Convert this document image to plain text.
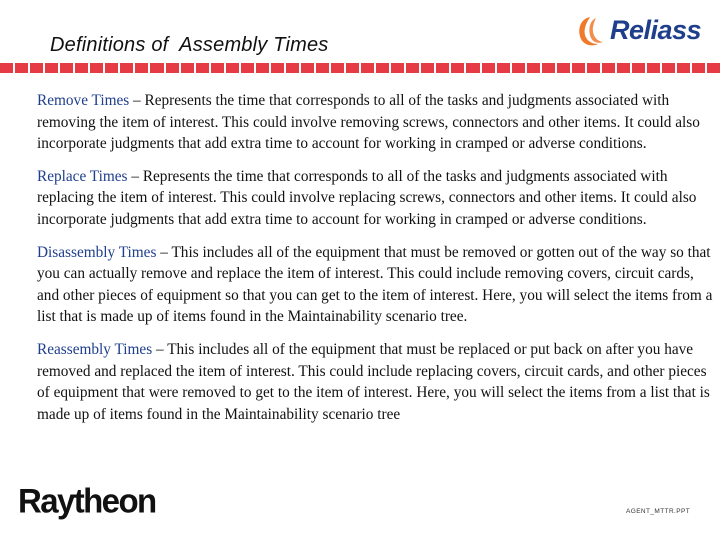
Definitions of  Assembly Times	Reliass

Remove Times – Represents the time that corresponds to all of the tasks and judgments associated with removing the item of interest. This could involve removing screws, connectors and other items. It could also incorporate judgments that add extra time to account for working in cramped or adverse conditions.

Replace Times – Represents the time that corresponds to all of the tasks and judgments associated with replacing the item of interest. This could involve replacing screws, connectors and other items. It could also incorporate judgments that add extra time to account for working in cramped or adverse conditions.

Disassembly Times – This includes all of the equipment that must be removed or gotten out of the way so that you can actually remove and replace the item of interest. This could include removing covers, circuit cards, and other pieces of equipment so that you can get to the item of interest. Here, you will select the items from a list that is made up of items found in the Maintainability scenario tree.

Reassembly Times – This includes all of the equipment that must be replaced or put back on after you have removed and replaced the item of interest. This could include replacing covers, circuit cards, and other pieces of equipment that were removed to get to the item of interest. Here, you will select the items from a list that is made up of items found in the Maintainability scenario tree

Raytheon	AGENT_MTTR.PPT
